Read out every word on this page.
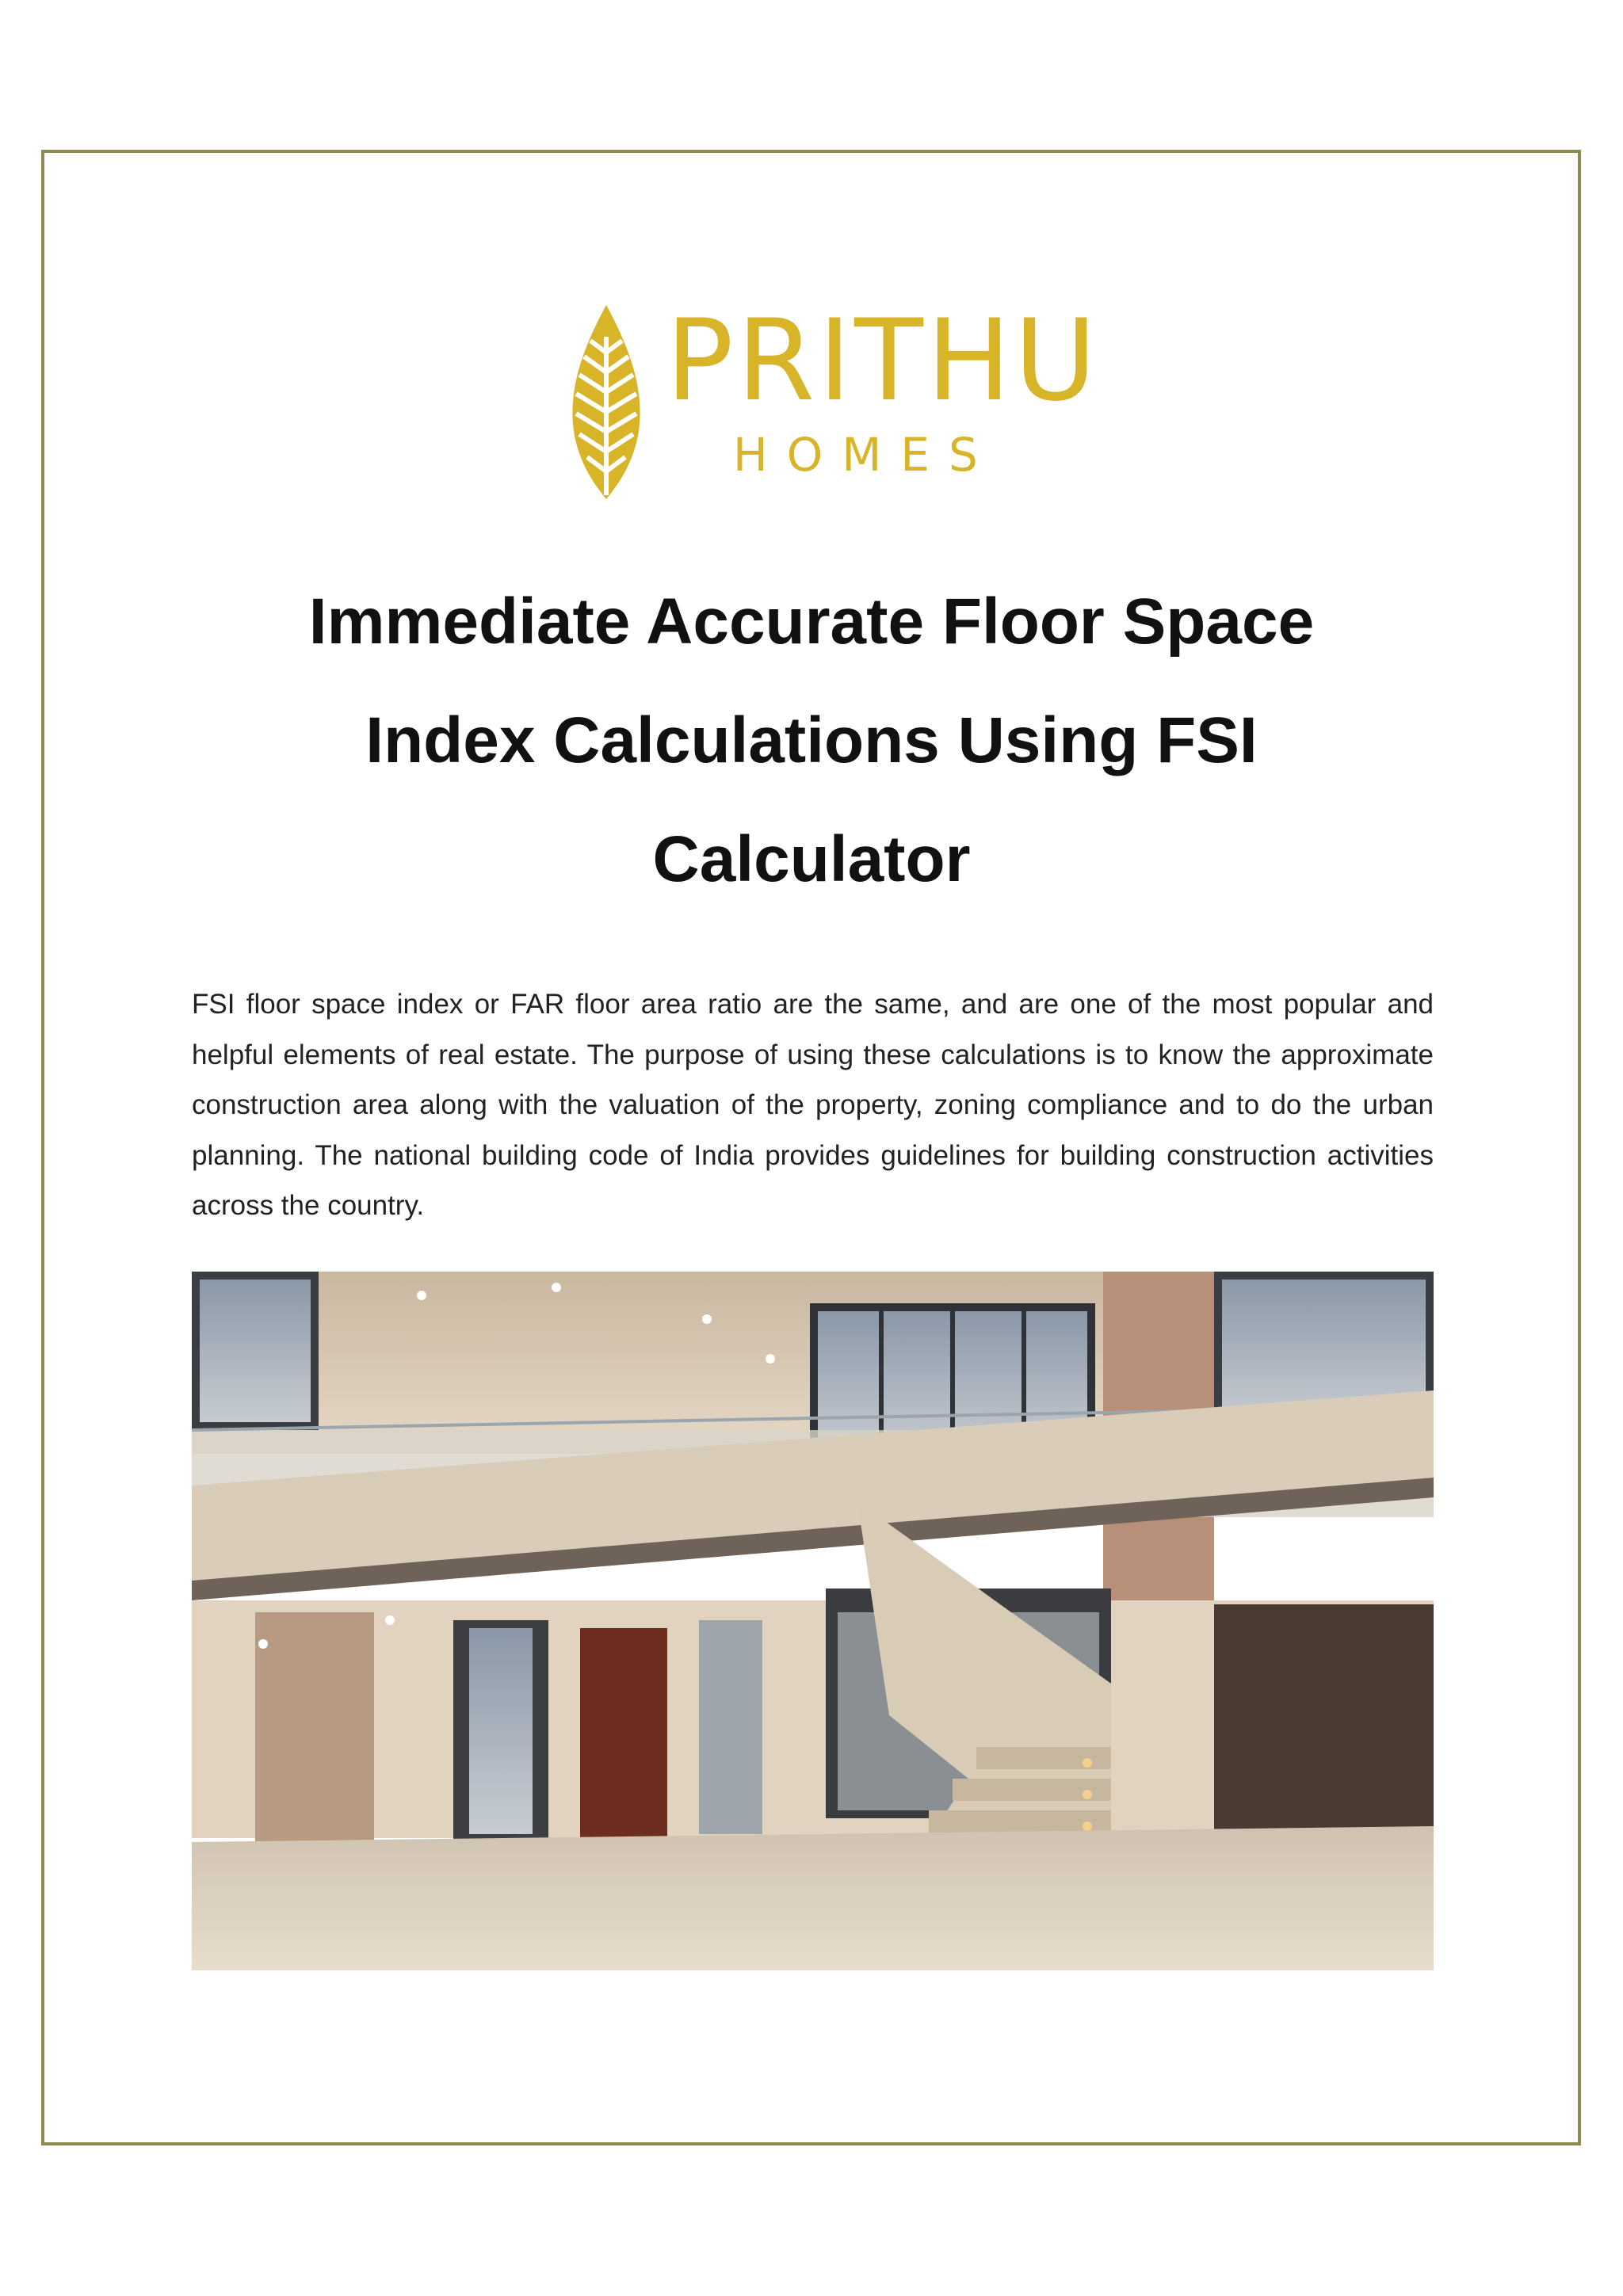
PRITHU
HOMES
Immediate Accurate Floor Space
Index Calculations Using FSI
Calculator
FSI floor space index or FAR floor area ratio are the same, and are one of the most popular and helpful elements of real estate. The purpose of using these calculations is to know the approximate construction area along with the valuation of the property, zoning compliance and to do the urban planning. The national building code of India provides guidelines for building construction activities across the country.
